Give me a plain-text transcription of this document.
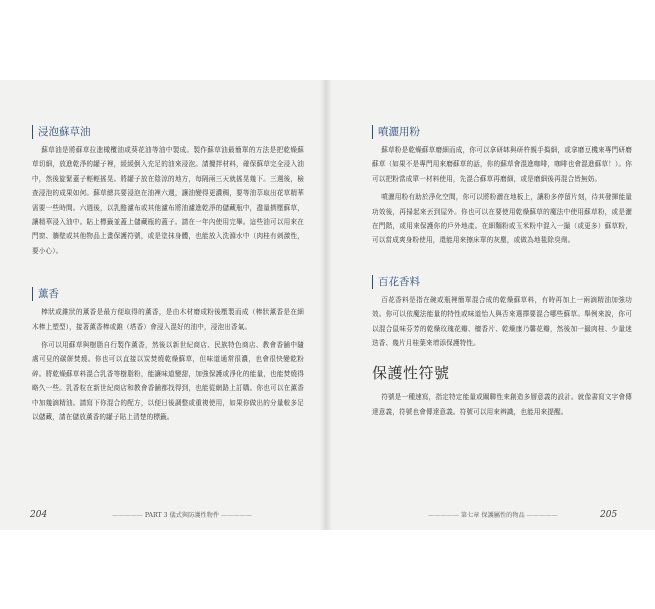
浸泡蘇草油

蘇草油是將蘇草拉進橄欖油或葵花油等油中製成。製作蘇草油最簡單的方法是把乾燥蘇草切細，放進乾淨的罐子裡，緩緩倒入充足的油來浸泡。請攪拌材料，確保蘇草完全浸入油中，然後旋緊蓋子輕輕搖晃。將罐子放在陰涼的地方，每隔兩三天就搖晃幾下。三週後，檢查浸泡的成果如何。蘇草總共要浸泡在油裡六週，讓油變得更濃稠，要等油萃取出花草精華需要一些時間。六週後，以乳酪濾布或其他濾布將油濾進乾淨的儲藏瓶中，盡量擠壓蘇草，讓精華浸入油中。貼上標籤並蓋上儲藏瓶的蓋子。請在一年內使用完畢。這些油可以用來在門窗、牆壁或其他物品上畫保護符號，或是塗抹身體，也能放入洗滌水中（肉桂有刺激性，要小心）。

薰香

棒狀或錐狀的薰香是最方便取得的薰香，是由木材磨成粉後壓製而成（棒狀薰香是在細木棒上塑型），接著薰香棒或錐（塔香）會浸入混好的油中，浸泡出香氣。

你可以用蘇草與樹脂自行製作薰香，然後以新世紀商店、民族特色商店、教會香舖中隨處可見的碳餅焚燒。你也可以直接以炭焚燒乾燥蘇草，但味道通常很濃，也會很快變乾粉碎。將乾燥蘇草料混合乳香等樹脂粉，能讓味道變甜，加強保護或淨化的能量，也能焚燒得略久一些。乳香粒在新世紀商店和教會香舖都找得到，也能從網路上訂購。你也可以在薰香中加幾滴精油。請寫下你混合的配方，以便日後調整或重複使用，如果你做出的分量較多足以儲藏，請在儲放薰香的罐子貼上清楚的標籤。

噴灑用粉

蘇草粉是乾燥蘇草磨細而成，你可以拿研缽與研杵親手搗細，或拿磨豆機來專門研磨蘇草（如果不是專門用來磨蘇草的話，你的蘇草會混進咖啡，咖啡也會混進蘇草！）。你可以把粉當成單一材料使用，先混合蘇草再磨細，或是磨細後再混合皆無妨。

噴灑用粉有助於淨化空間，你可以將粉灑在地板上，讓粉多停留片刻，待其發揮能量功效後，再掃起來丟到屋外。你也可以在要使用乾燥蘇草的魔法中使用蘇草粉，或是灑在門階，或用來保護你的戶外地產。在細麵粉或玉米粉中混入一撮（或更多）蘇草粉，可以當成爽身粉使用，還能用來擦床單的灰塵，或做為地毯除臭劑。

百花香料

百花香料是指在碗或瓶裡簡單混合成的乾燥蘇草料，有時再加上一兩滴精油加強功效。你可以依魔法能量的特性或味道怡人與否來選擇要混合哪些蘇草。舉例來說，你可以混合鼠味芬芳的乾燥玫瑰花瓣、檀香片、乾燥康乃馨花瓣，然後加一撮肉桂、少量迷迭香、幾片月桂葉來增添保護特性。

保護性符號

符號是一種速寫，指定特定能量或關聯性來創造多層意義的設計。就像書寫文字會傳達意義，符號也會傳達意義。符號可以用來辨識，也能用來提醒。

204	————— PART 3 儀式與防護性物件 —————	————— 第七章 保護屬性的物品 —————	205
